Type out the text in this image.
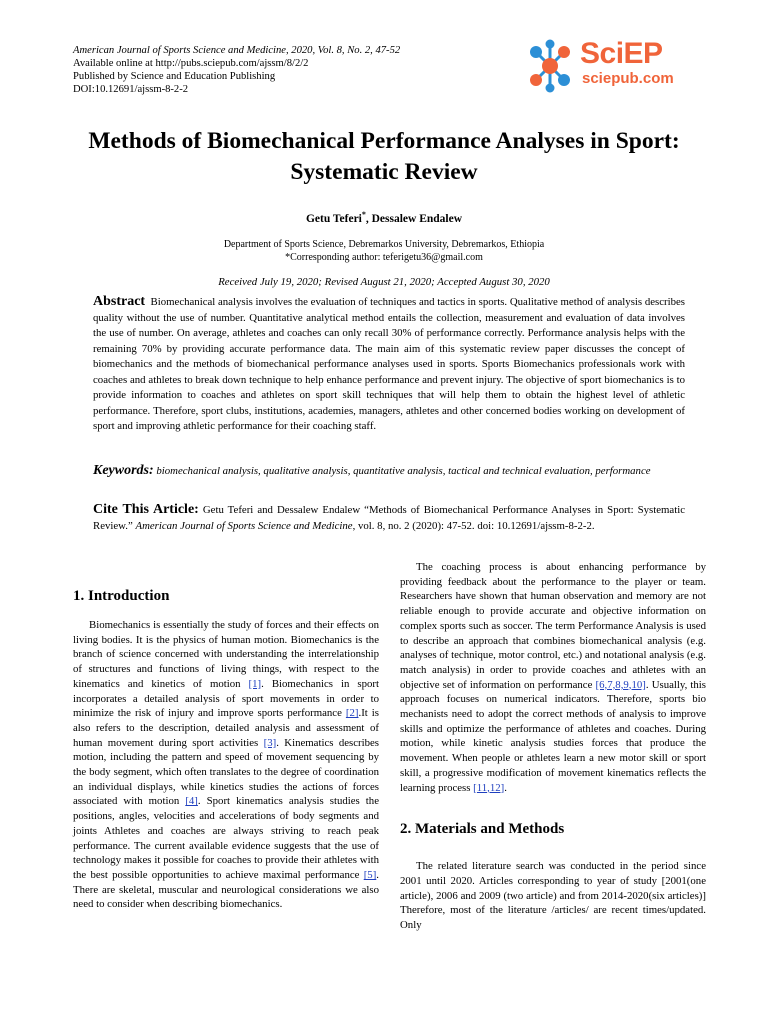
American Journal of Sports Science and Medicine, 2020, Vol. 8, No. 2, 47-52
Available online at http://pubs.sciepub.com/ajssm/8/2/2
Published by Science and Education Publishing
DOI:10.12691/ajssm-8-2-2
SciEP
sciepub.com
Methods of Biomechanical Performance Analyses in Sport: Systematic Review
Getu Teferi*, Dessalew Endalew
Department of Sports Science, Debremarkos University, Debremarkos, Ethiopia
*Corresponding author: teferigetu36@gmail.com
Received July 19, 2020; Revised August 21, 2020; Accepted August 30, 2020
Abstract Biomechanical analysis involves the evaluation of techniques and tactics in sports. Qualitative method of analysis describes quality without the use of number. Quantitative analytical method entails the collection, measurement and evaluation of data involves the use of number. On average, athletes and coaches can only recall 30% of performance correctly. Performance analysis helps with the remaining 70% by providing accurate performance data. The main aim of this systematic review paper discusses the concept of biomechanics and the methods of biomechanical performance analyses used in sports. Sports Biomechanics professionals work with coaches and athletes to break down technique to help enhance performance and prevent injury. The objective of sport biomechanics is to provide information to coaches and athletes on sport skill techniques that will help them to obtain the highest level of athletic performance. Therefore, sport clubs, institutions, academies, managers, athletes and other concerned bodies working on development of sport and improving athletic performance for their coaching staff.
Keywords: biomechanical analysis, qualitative analysis, quantitative analysis, tactical and technical evaluation, performance
Cite This Article: Getu Teferi and Dessalew Endalew “Methods of Biomechanical Performance Analyses in Sport: Systematic Review.” American Journal of Sports Science and Medicine, vol. 8, no. 2 (2020): 47-52. doi: 10.12691/ajssm-8-2-2.
1. Introduction

Biomechanics is essentially the study of forces and their effects on living bodies. It is the physics of human motion. Biomechanics is the branch of science concerned with understanding the interrelationship of structures and functions of living things, with respect to the kinematics and kinetics of motion [1]. Biomechanics in sport incorporates a detailed analysis of sport movements in order to minimize the risk of injury and improve sports performance [2].It is also refers to the description, detailed analysis and assessment of human movement during sport activities [3]. Kinematics describes motion, including the pattern and speed of movement sequencing by the body segment, which often translates to the degree of coordination an individual displays, while kinetics studies the actions of forces associated with motion [4]. Sport kinematics analysis studies the positions, angles, velocities and accelerations of body segments and joints Athletes and coaches are always striving to reach peak performance. The current available evidence suggests that the use of technology makes it possible for coaches to provide their athletes with the best possible opportunities to achieve maximal performance [5]. There are skeletal, muscular and neurological considerations we also need to consider when describing biomechanics.

The coaching process is about enhancing performance by providing feedback about the performance to the player or team. Researchers have shown that human observation and memory are not reliable enough to provide accurate and objective information on complex sports such as soccer. The term Performance Analysis is used to describe an approach that combines biomechanical analysis (e.g. analyses of technique, motor control, etc.) and notational analysis (e.g. match analysis) in order to provide coaches and athletes with an objective set of information on performance [6,7,8,9,10]. Usually, this approach focuses on numerical indicators. Therefore, sports bio mechanists need to adopt the correct methods of analysis to improve skills and optimize the performance of athletes and coaches. During motion, while kinetic analysis studies forces that produce the movement. When people or athletes learn a new motor skill or sport skill, a progressive modification of movement kinematics reflects the learning process [11,12].

2. Materials and Methods

The related literature search was conducted in the period since 2001 until 2020. Articles corresponding to year of study [2001(one article), 2006 and 2009 (two article) and from 2014-2020(six articles)] Therefore, most of the literature /articles/ are recent times/updated. Only
